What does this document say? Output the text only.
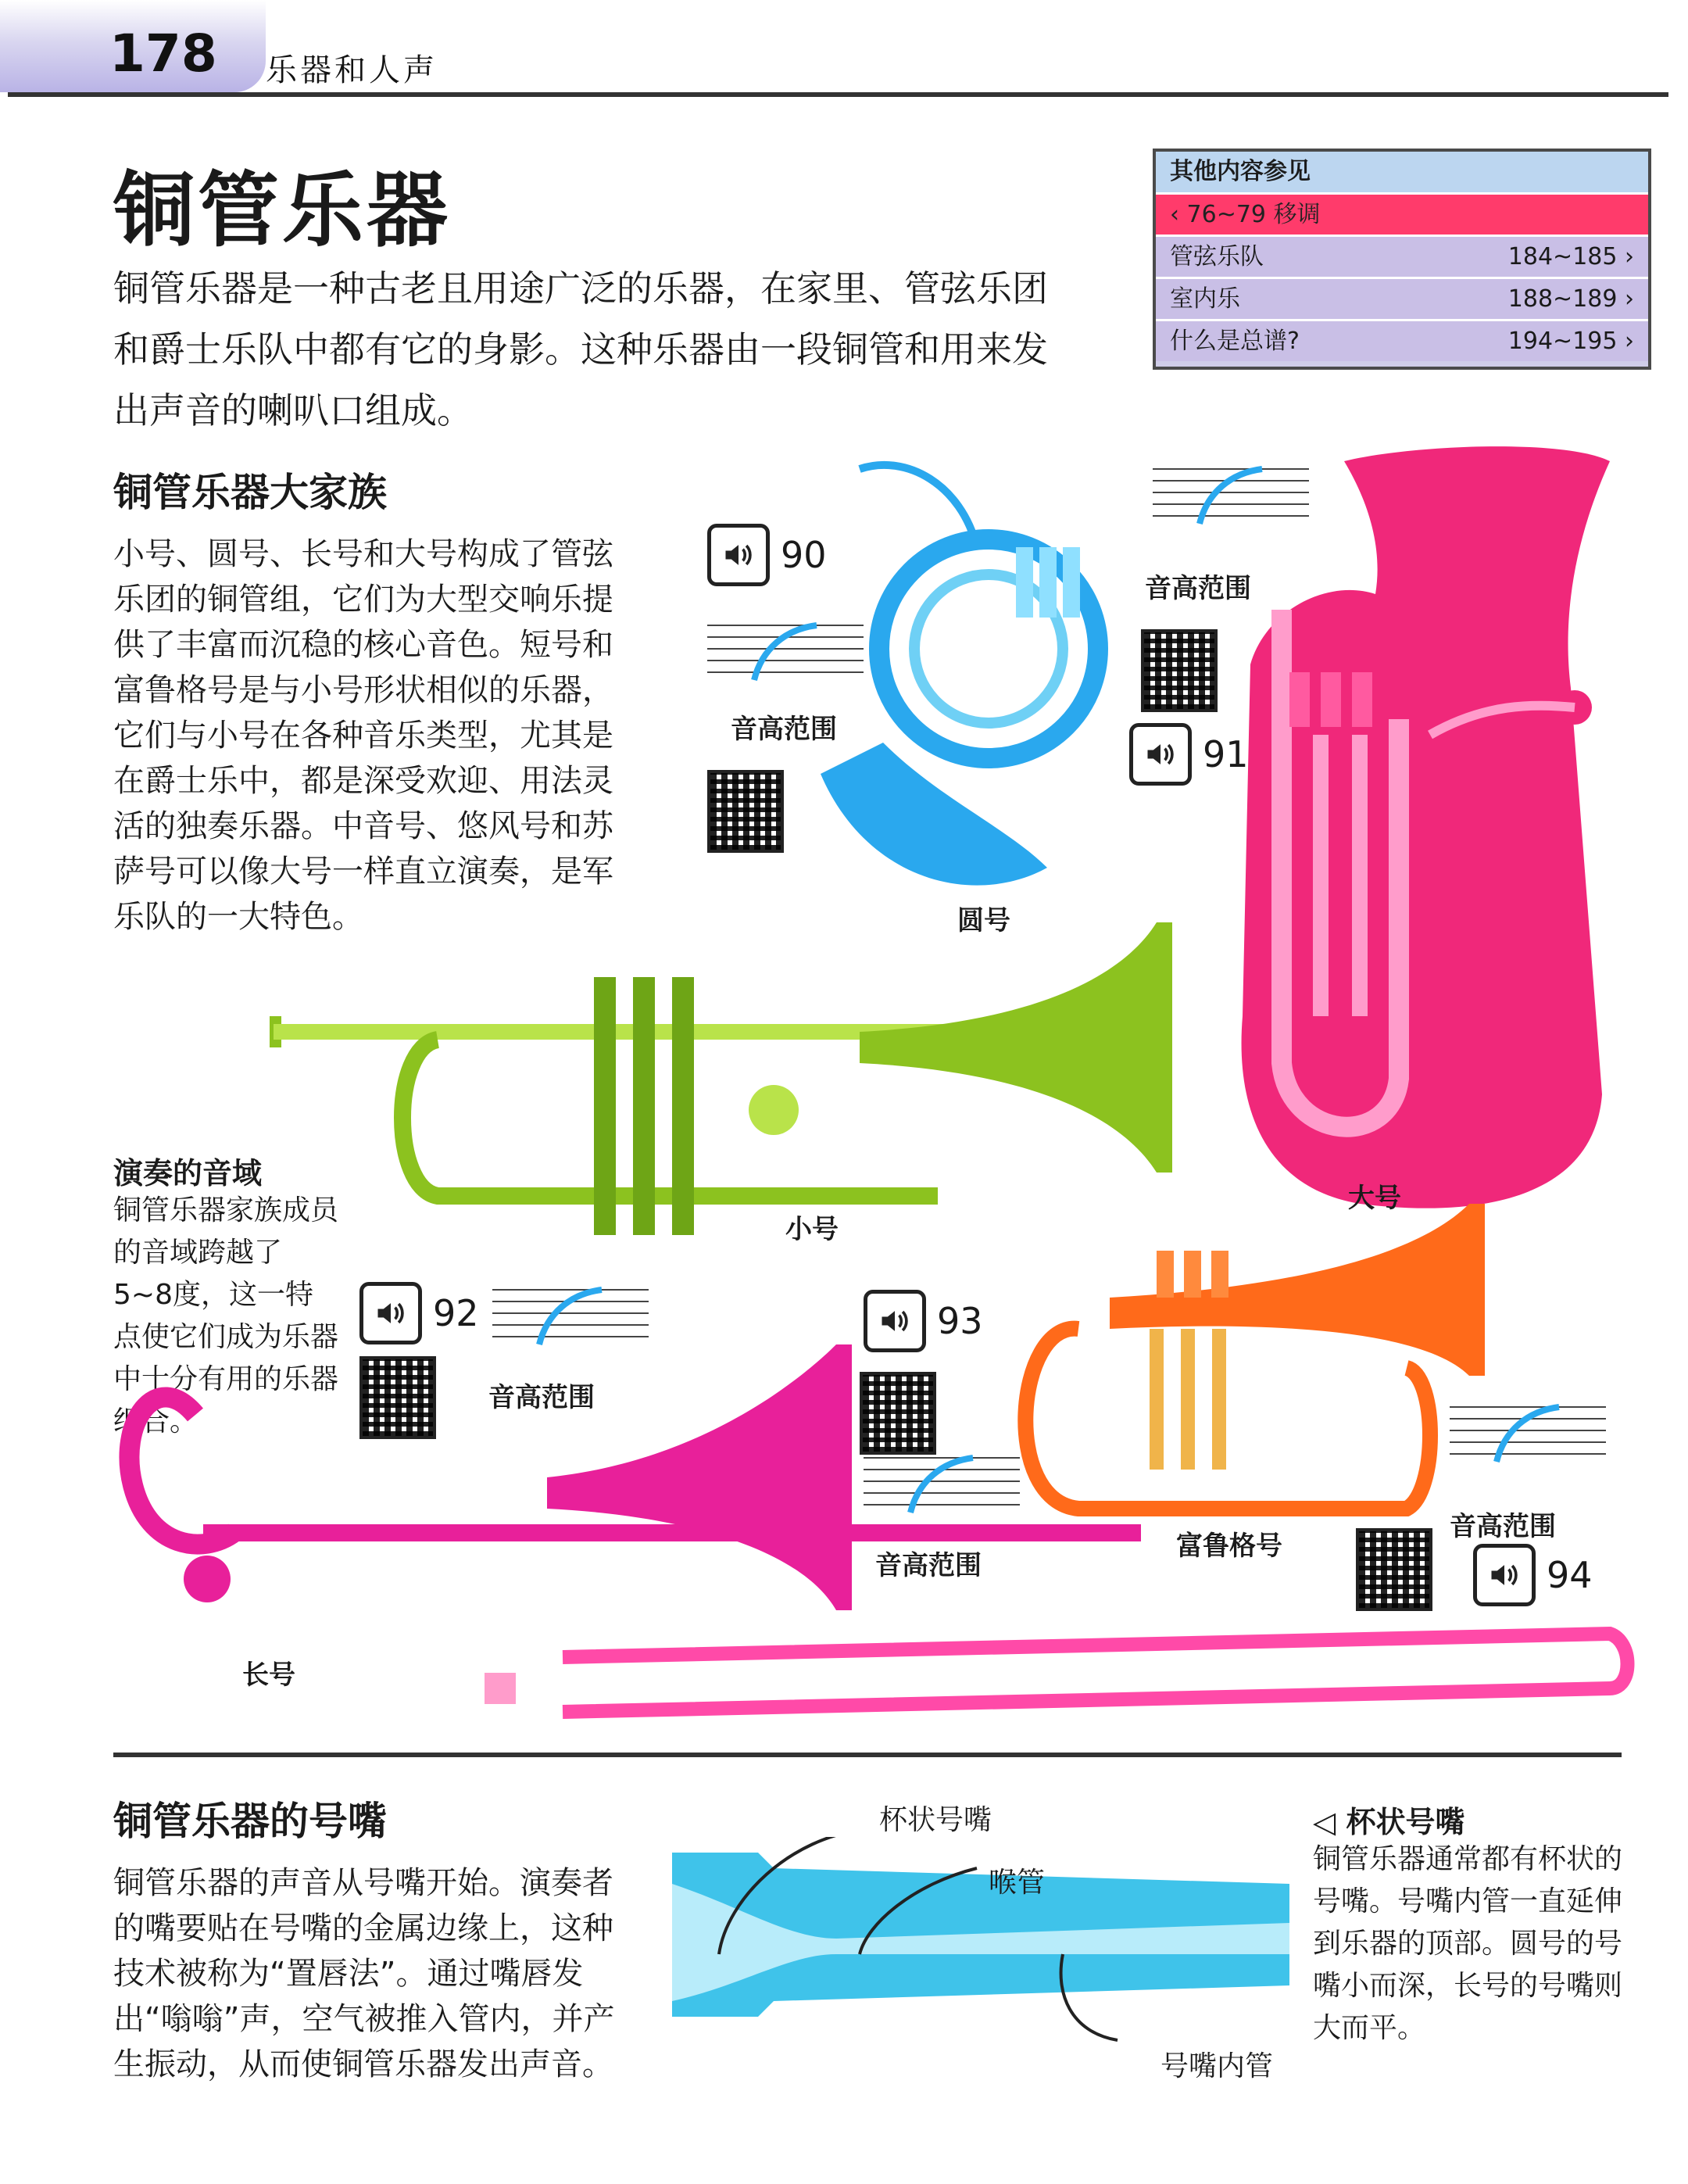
178 乐器和人声
铜管乐器
铜管乐器是一种古老且用途广泛的乐器，在家里、管弦乐团和爵士乐队中都有它的身影。这种乐器由一段铜管和用来发出声音的喇叭口组成。
其他内容参见
‹ 76~79 移调
管弦乐队	184~185 ›
室内乐	188~189 ›
什么是总谱?	194~195 ›
铜管乐器大家族
小号、圆号、长号和大号构成了管弦乐团的铜管组，它们为大型交响乐提供了丰富而沉稳的核心音色。短号和富鲁格号是与小号形状相似的乐器，它们与小号在各种音乐类型，尤其是在爵士乐中，都是深受欢迎、用法灵活的独奏乐器。中音号、悠风号和苏萨号可以像大号一样直立演奏，是军乐队的一大特色。
演奏的音域
铜管乐器家族成员的音域跨越了5~8度，这一特点使它们成为乐器中十分有用的乐器组合。
圆号
大号
小号
长号
富鲁格号
90
91
92	93
94
音高范围
音高范围
音高范围
音高范围
音高范围
铜管乐器的号嘴
铜管乐器的声音从号嘴开始。演奏者的嘴要贴在号嘴的金属边缘上，这种技术被称为“置唇法”。通过嘴唇发出“嗡嗡”声，空气被推入管内，并产生振动，从而使铜管乐器发出声音。
杯状号嘴
喉管
号嘴内管
◁ 杯状号嘴
铜管乐器通常都有杯状的号嘴。号嘴内管一直延伸到乐器的顶部。圆号的号嘴小而深，长号的号嘴则大而平。
